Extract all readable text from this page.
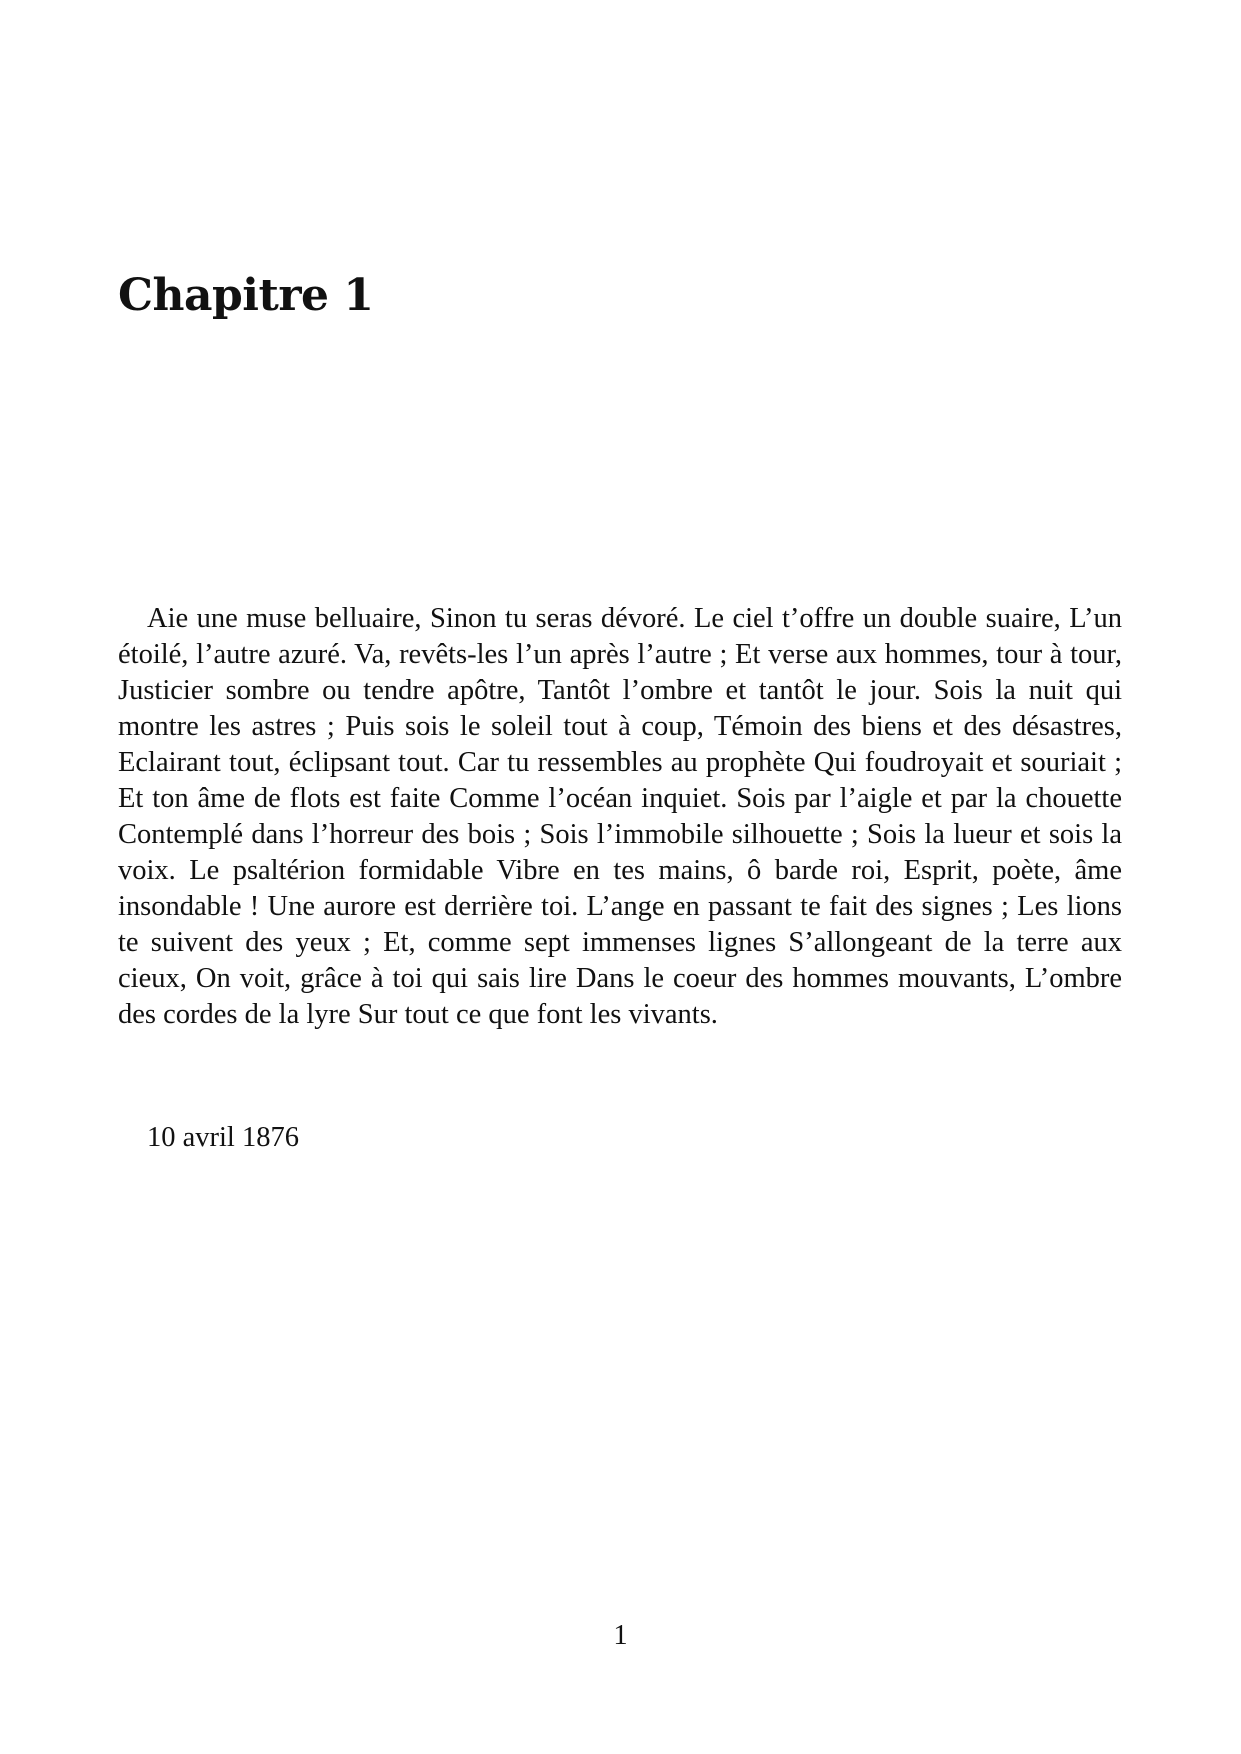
Chapitre 1

Aie une muse belluaire, Sinon tu seras dévoré. Le ciel t’offre un double suaire, L’un étoilé, l’autre azuré. Va, revêts-les l’un après l’autre ; Et verse aux hommes, tour à tour, Justicier sombre ou tendre apôtre, Tantôt l’ombre et tantôt le jour. Sois la nuit qui montre les astres ; Puis sois le soleil tout à coup, Témoin des biens et des désastres, Eclairant tout, éclipsant tout. Car tu ressembles au prophète Qui foudroyait et souriait ; Et ton âme de flots est faite Comme l’océan inquiet. Sois par l’aigle et par la chouette Contemplé dans l’horreur des bois ; Sois l’immobile silhouette ; Sois la lueur et sois la voix. Le psaltérion formidable Vibre en tes mains, ô barde roi, Esprit, poète, âme insondable ! Une aurore est derrière toi. L’ange en passant te fait des signes ; Les lions te suivent des yeux ; Et, comme sept immenses lignes S’allongeant de la terre aux cieux, On voit, grâce à toi qui sais lire Dans le coeur des hommes mouvants, L’ombre des cordes de la lyre Sur tout ce que font les vivants.

10 avril 1876

1
